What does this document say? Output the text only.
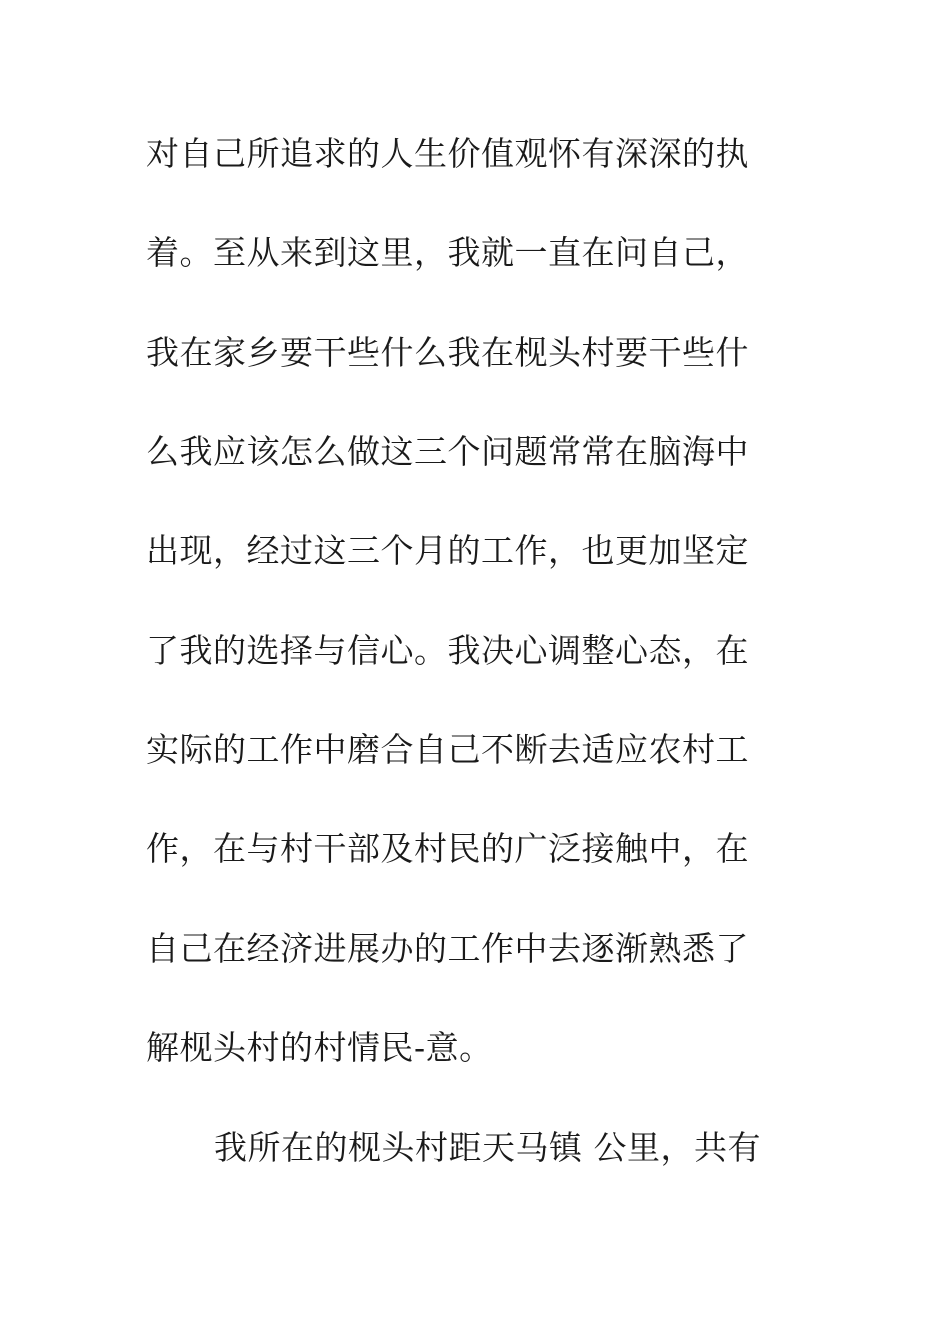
对自己所追求的人生价值观怀有深深的执
着。至从来到这里，我就一直在问自己，
我在家乡要干些什么我在枧头村要干些什
么我应该怎么做这三个问题常常在脑海中
出现，经过这三个月的工作，也更加坚定
了我的选择与信心。我决心调整心态，在
实际的工作中磨合自己不断去适应农村工
作，在与村干部及村民的广泛接触中，在
自己在经济进展办的工作中去逐渐熟悉了
解枧头村的村情民-意。
我所在的枧头村距天马镇 公里，共有
